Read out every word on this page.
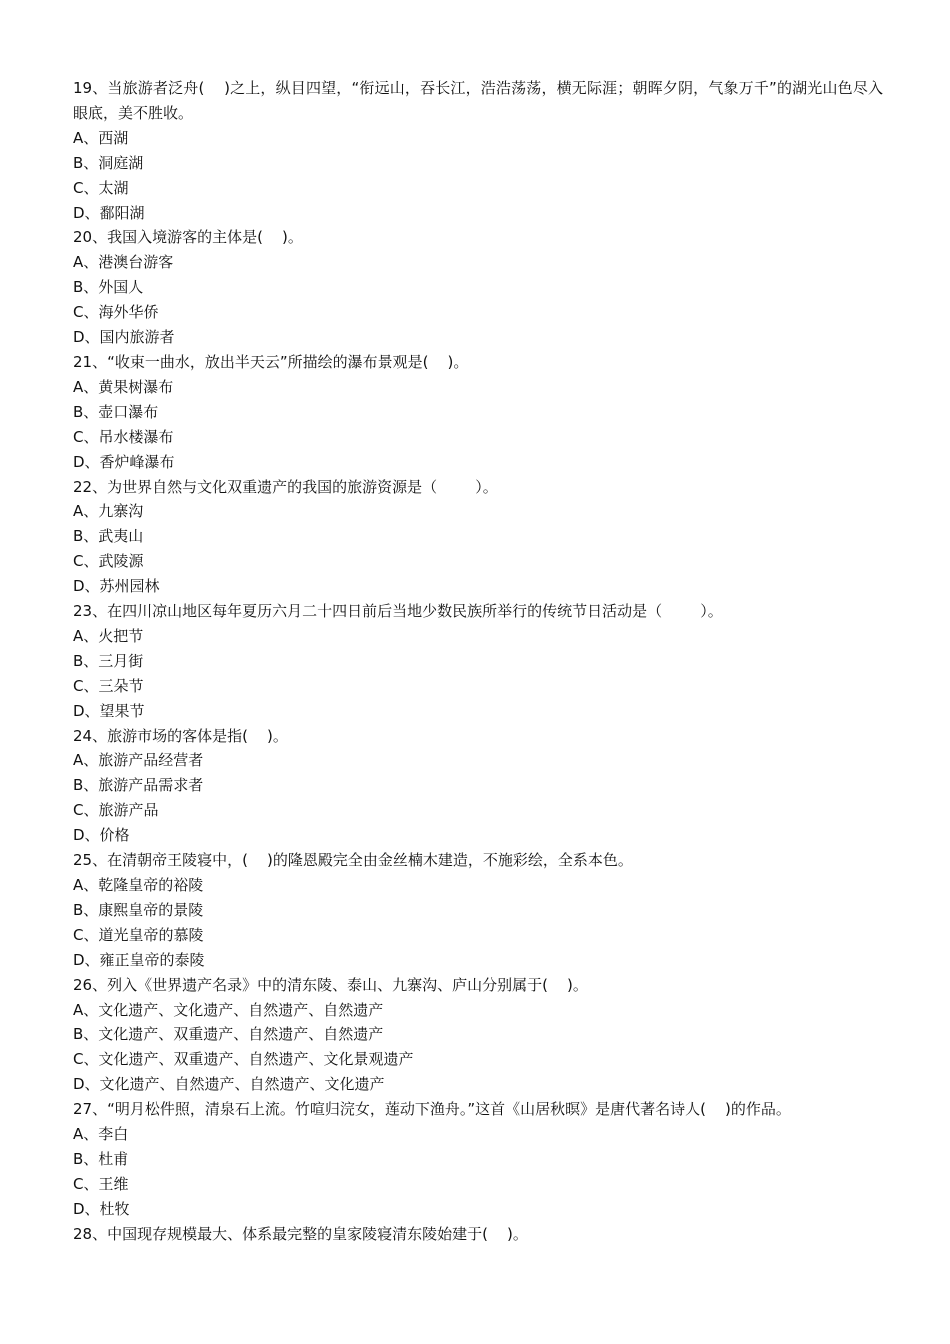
19、当旅游者泛舟(    )之上，纵目四望，“衔远山，吞长江，浩浩荡荡，横无际涯；朝晖夕阴，气象万千”的湖光山色尽入眼底，美不胜收。
A、西湖
B、洞庭湖
C、太湖
D、鄱阳湖
20、我国入境游客的主体是(    )。
A、港澳台游客
B、外国人
C、海外华侨
D、国内旅游者
21、“收束一曲水，放出半天云”所描绘的瀑布景观是(    )。
A、黄果树瀑布
B、壶口瀑布
C、吊水楼瀑布
D、香炉峰瀑布
22、为世界自然与文化双重遗产的我国的旅游资源是（        ）。
A、九寨沟
B、武夷山
C、武陵源
D、苏州园林
23、在四川凉山地区每年夏历六月二十四日前后当地少数民族所举行的传统节日活动是（        ）。
A、火把节
B、三月街
C、三朵节
D、望果节
24、旅游市场的客体是指(    )。
A、旅游产品经营者
B、旅游产品需求者
C、旅游产品
D、价格
25、在清朝帝王陵寝中，(    )的隆恩殿完全由金丝楠木建造，不施彩绘，全系本色。
A、乾隆皇帝的裕陵
B、康熙皇帝的景陵
C、道光皇帝的慕陵
D、雍正皇帝的泰陵
26、列入《世界遗产名录》中的清东陵、泰山、九寨沟、庐山分别属于(    )。
A、文化遗产、文化遗产、自然遗产、自然遗产
B、文化遗产、双重遗产、自然遗产、自然遗产
C、文化遗产、双重遗产、自然遗产、文化景观遗产
D、文化遗产、自然遗产、自然遗产、文化遗产
27、“明月松件照，清泉石上流。竹喧归浣女，莲动下渔舟。”这首《山居秋暝》是唐代著名诗人(    )的作品。
A、李白
B、杜甫
C、王维
D、杜牧
28、中国现存规模最大、体系最完整的皇家陵寝清东陵始建于(    )。
